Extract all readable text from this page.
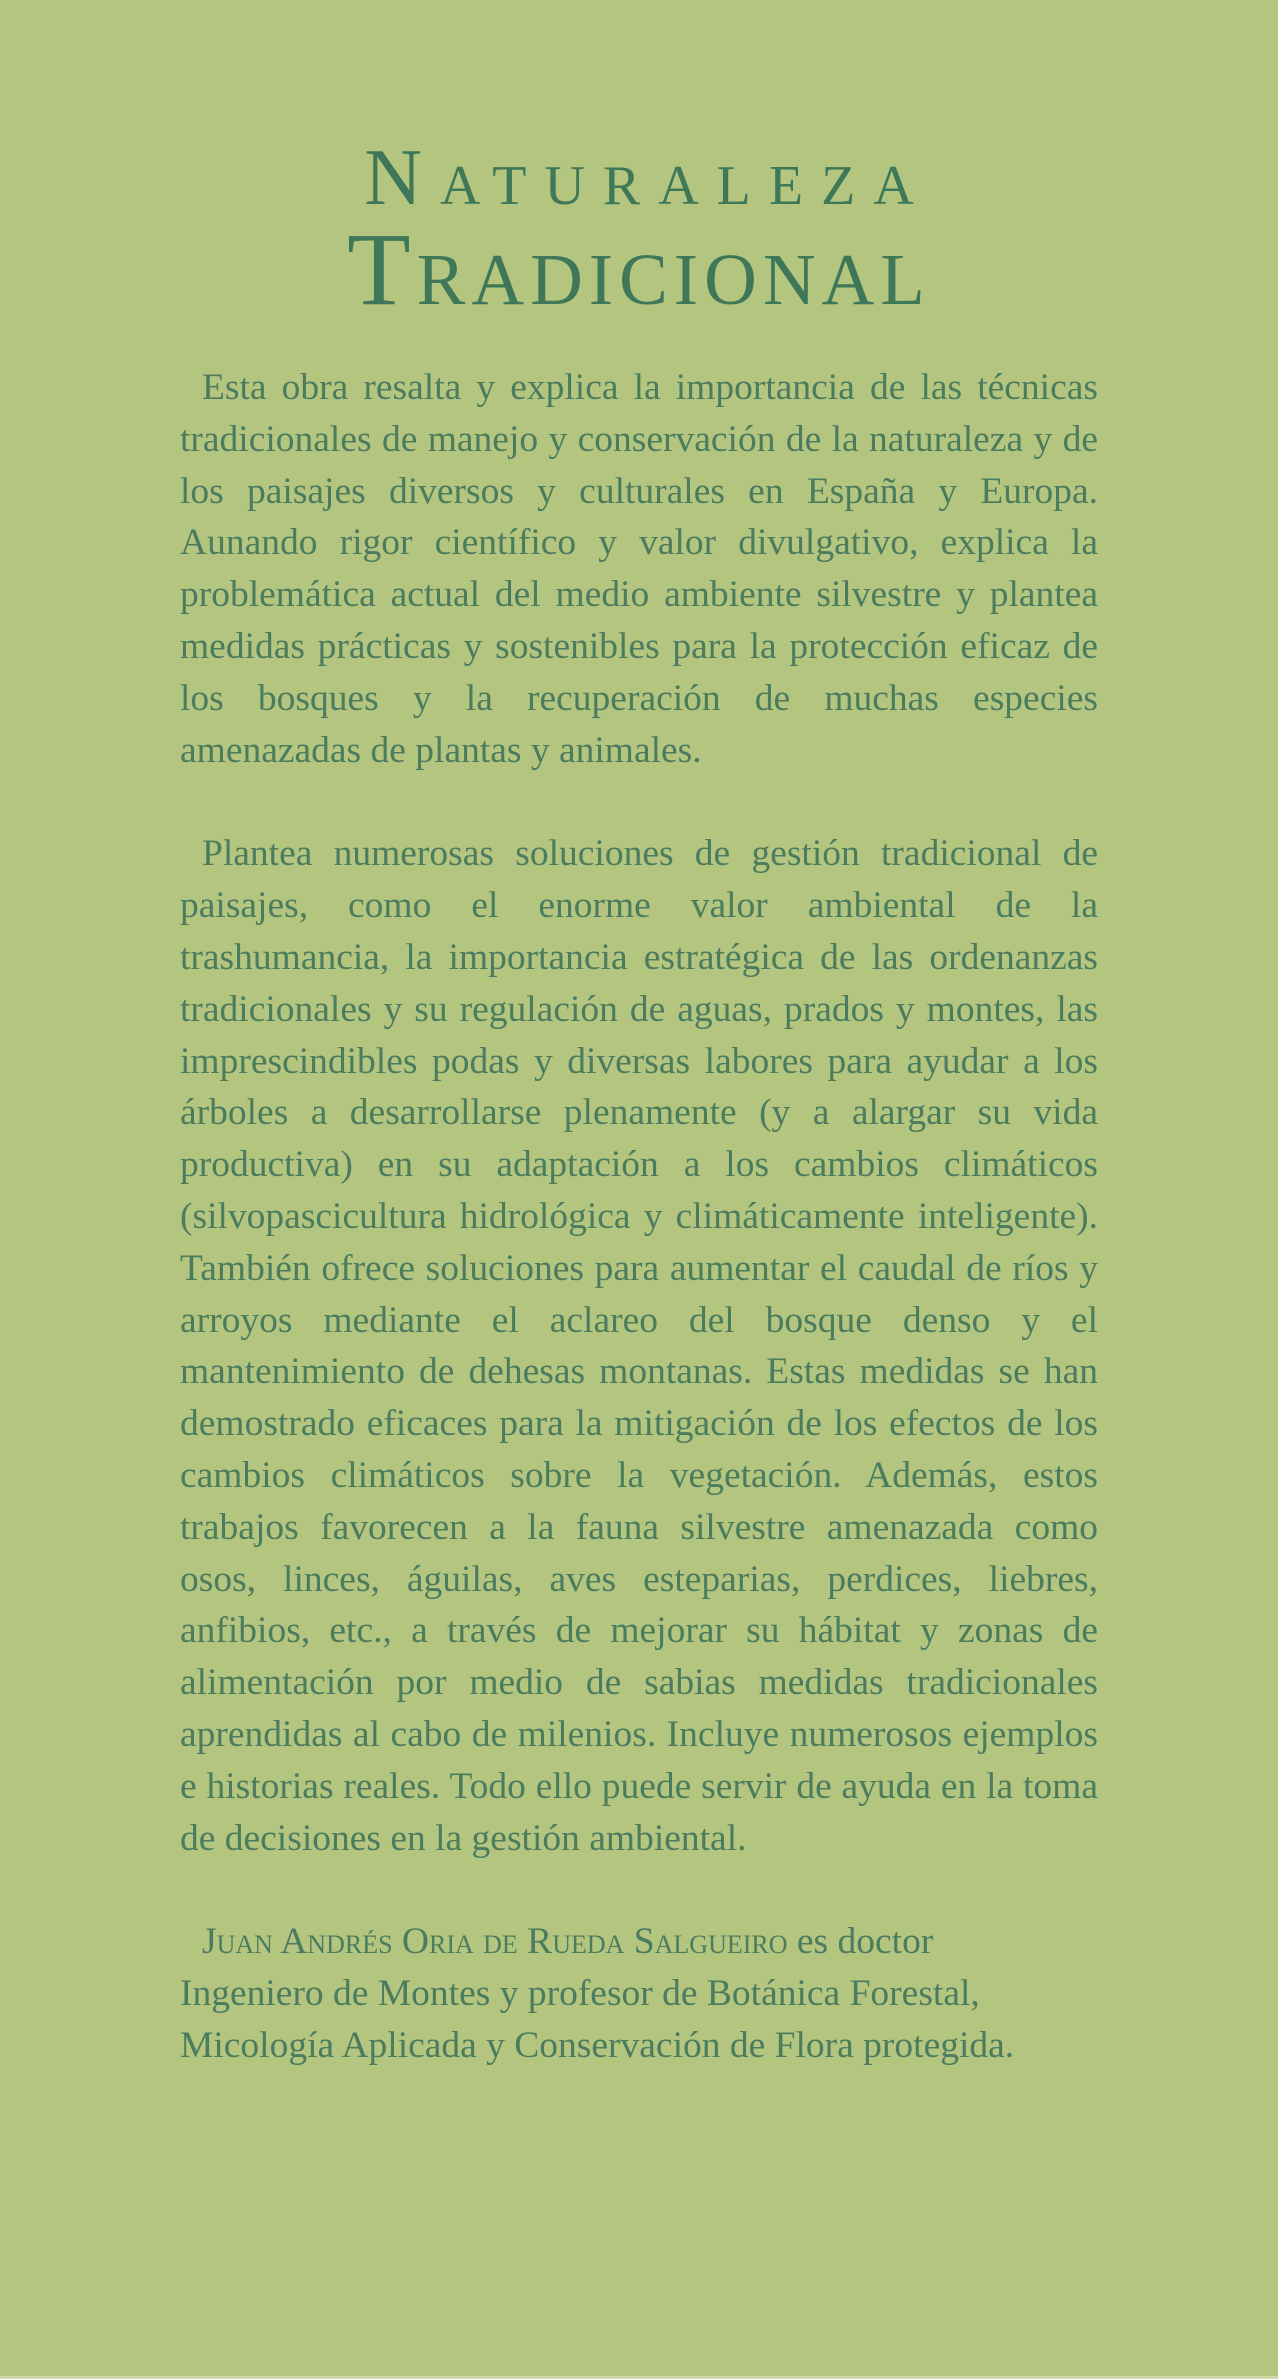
Naturaleza
Tradicional

Esta obra resalta y explica la importancia de las técnicas tradicionales de manejo y conservación de la naturaleza y de los paisajes diversos y culturales en España y Europa. Aunando rigor científico y valor divulgativo, explica la problemática actual del medio ambiente silvestre y plantea medidas prácticas y sostenibles para la protección eficaz de los bosques y la recuperación de muchas especies amenazadas de plantas y animales.

Plantea numerosas soluciones de gestión tradicional de paisajes, como el enorme valor ambiental de la trashumancia, la importancia estratégica de las ordenanzas tradicionales y su regulación de aguas, prados y montes, las imprescindibles podas y diversas labores para ayudar a los árboles a desarrollarse plenamente (y a alargar su vida productiva) en su adaptación a los cambios climáticos (silvopascicultura hidrológica y climáticamente inteligente). También ofrece soluciones para aumentar el caudal de ríos y arroyos mediante el aclareo del bosque denso y el mantenimiento de dehesas montanas. Estas medidas se han demostrado eficaces para la mitigación de los efectos de los cambios climáticos sobre la vegetación. Además, estos trabajos favorecen a la fauna silvestre amenazada como osos, linces, águilas, aves esteparias, perdices, liebres, anfibios, etc., a través de mejorar su hábitat y zonas de alimentación por medio de sabias medidas tradicionales aprendidas al cabo de milenios. Incluye numerosos ejemplos e historias reales. Todo ello puede servir de ayuda en la toma de decisiones en la gestión ambiental.

Juan Andrés Oria de Rueda Salgueiro es doctor
Ingeniero de Montes y profesor de Botánica Forestal,
Micología Aplicada y Conservación de Flora protegida.
